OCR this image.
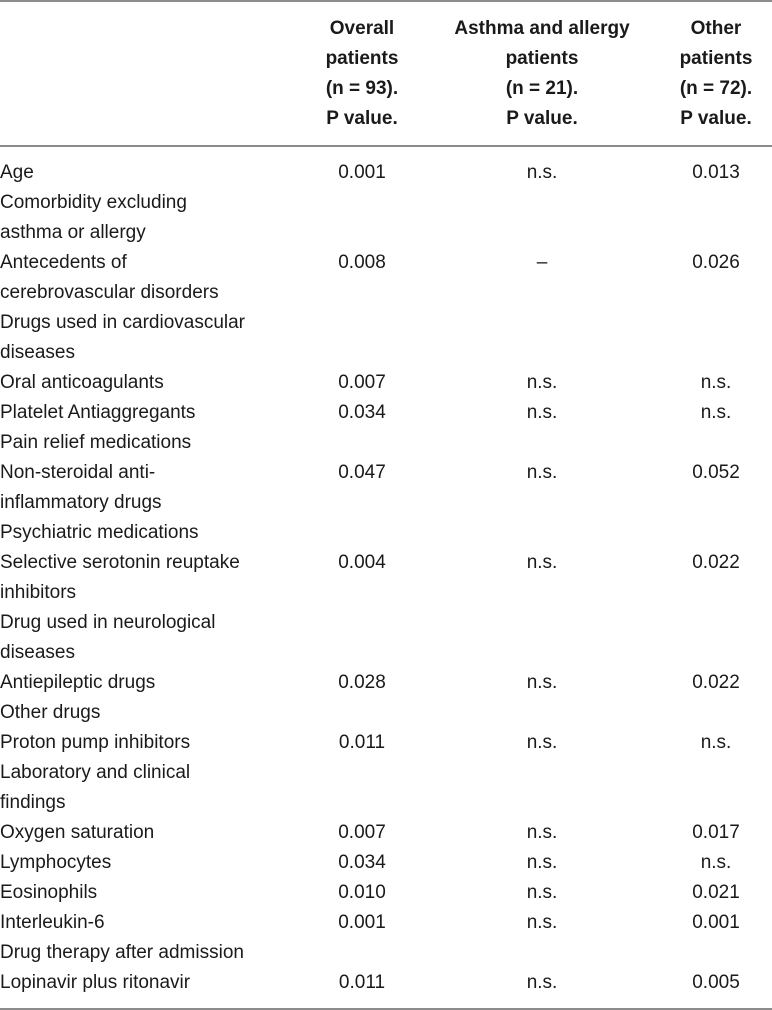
Overall
patients
(n = 93).
P value.
Asthma and allergy
patients
(n = 21).
P value.
Other
patients
(n = 72).
P value.
Age	0.001	n.s.	0.013
Comorbidity excluding
asthma or allergy
Antecedents of
cerebrovascular disorders
0.008	–	0.026
Drugs used in cardiovascular
diseases
Oral anticoagulants	0.007	n.s.	n.s.
Platelet Antiaggregants	0.034	n.s.	n.s.
Pain relief medications
Non-steroidal anti-
inflammatory drugs
0.047	n.s.	0.052
Psychiatric medications
Selective serotonin reuptake
inhibitors
0.004	n.s.	0.022
Drug used in neurological
diseases
Antiepileptic drugs	0.028	n.s.	0.022
Other drugs
Proton pump inhibitors	0.011	n.s.	n.s.
Laboratory and clinical
findings
Oxygen saturation	0.007	n.s.	0.017
Lymphocytes	0.034	n.s.	n.s.
Eosinophils	0.010	n.s.	0.021
Interleukin-6	0.001	n.s.	0.001
Drug therapy after admission
Lopinavir plus ritonavir	0.011	n.s.	0.005
